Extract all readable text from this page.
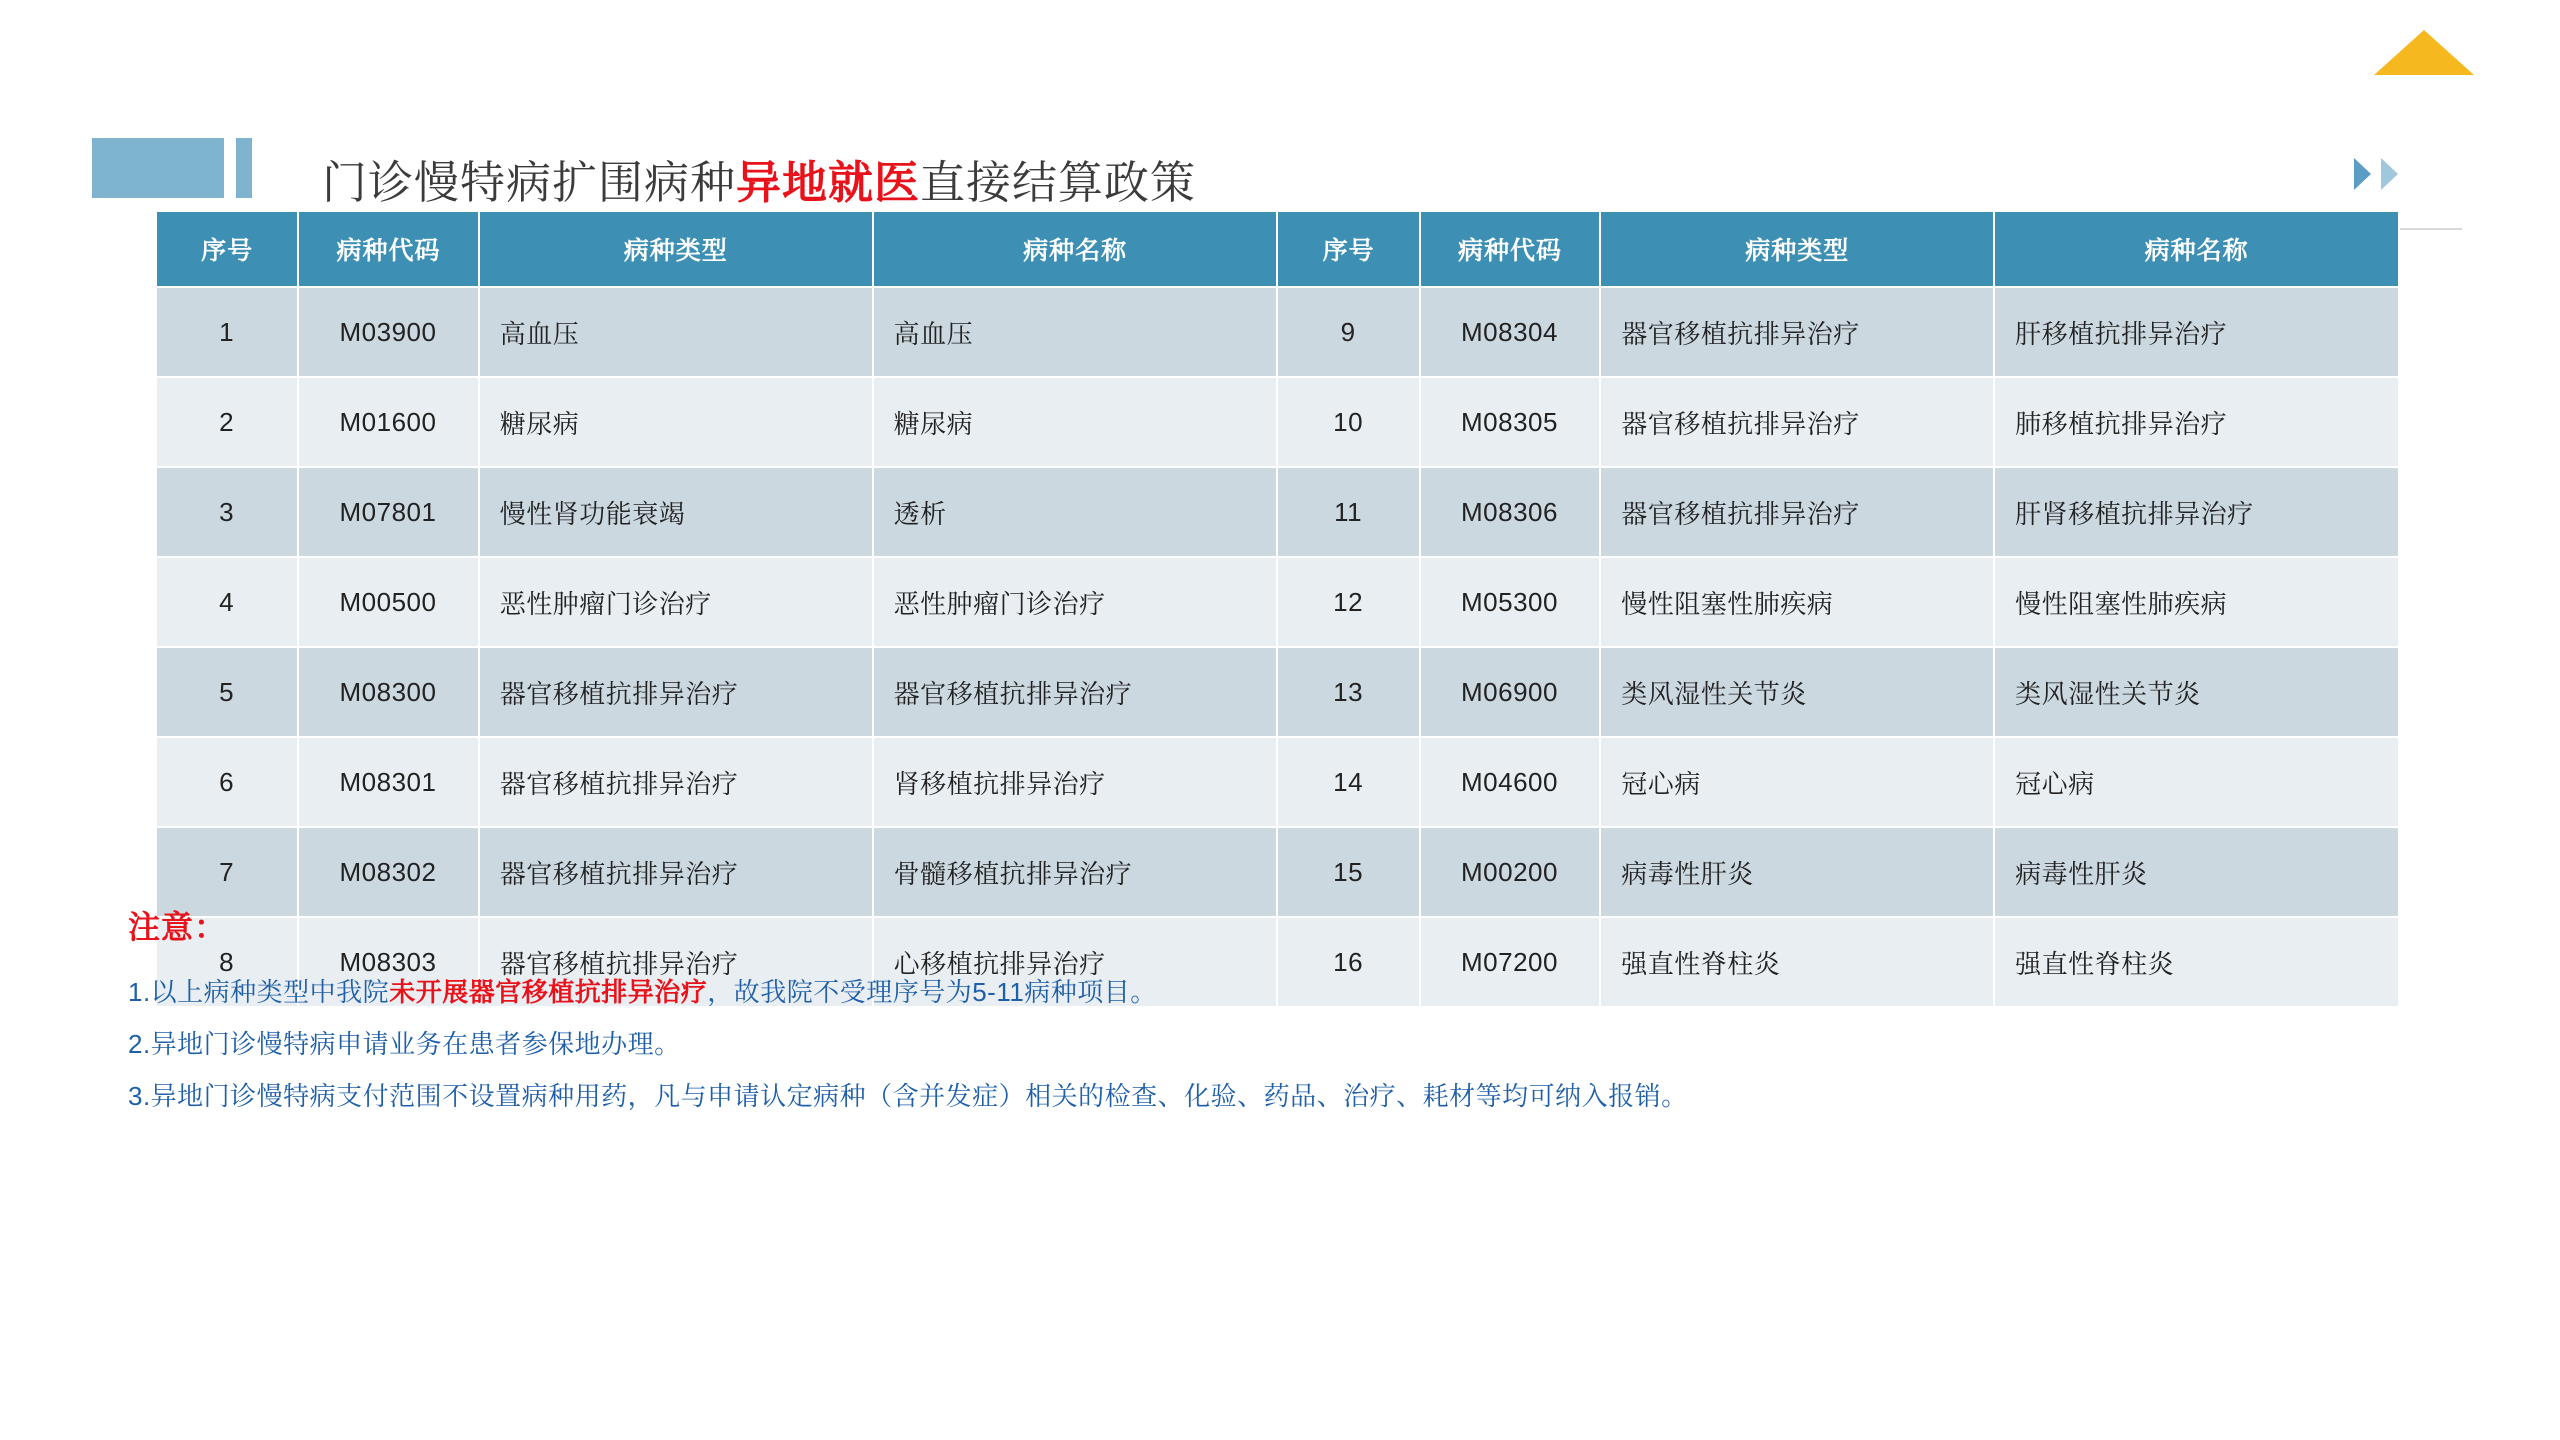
门诊慢特病扩围病种异地就医直接结算政策
序号	病种代码	病种类型	病种名称	序号	病种代码	病种类型	病种名称
1	M03900	高血压	高血压	9	M08304	器官移植抗排异治疗	肝移植抗排异治疗
2	M01600	糖尿病	糖尿病	10	M08305	器官移植抗排异治疗	肺移植抗排异治疗
3	M07801	慢性肾功能衰竭	透析	11	M08306	器官移植抗排异治疗	肝肾移植抗排异治疗
4	M00500	恶性肿瘤门诊治疗	恶性肿瘤门诊治疗	12	M05300	慢性阻塞性肺疾病	慢性阻塞性肺疾病
5	M08300	器官移植抗排异治疗	器官移植抗排异治疗	13	M06900	类风湿性关节炎	类风湿性关节炎
6	M08301	器官移植抗排异治疗	肾移植抗排异治疗	14	M04600	冠心病	冠心病
7	M08302	器官移植抗排异治疗	骨髓移植抗排异治疗	15	M00200	病毒性肝炎	病毒性肝炎
8	M08303	器官移植抗排异治疗	心移植抗排异治疗	16	M07200	强直性脊柱炎	强直性脊柱炎
注意：
1.以上病种类型中我院未开展器官移植抗排异治疗，故我院不受理序号为5-11病种项目。
2.异地门诊慢特病申请业务在患者参保地办理。
3.异地门诊慢特病支付范围不设置病种用药，凡与申请认定病种（含并发症）相关的检查、化验、药品、治疗、耗材等均可纳入报销。
